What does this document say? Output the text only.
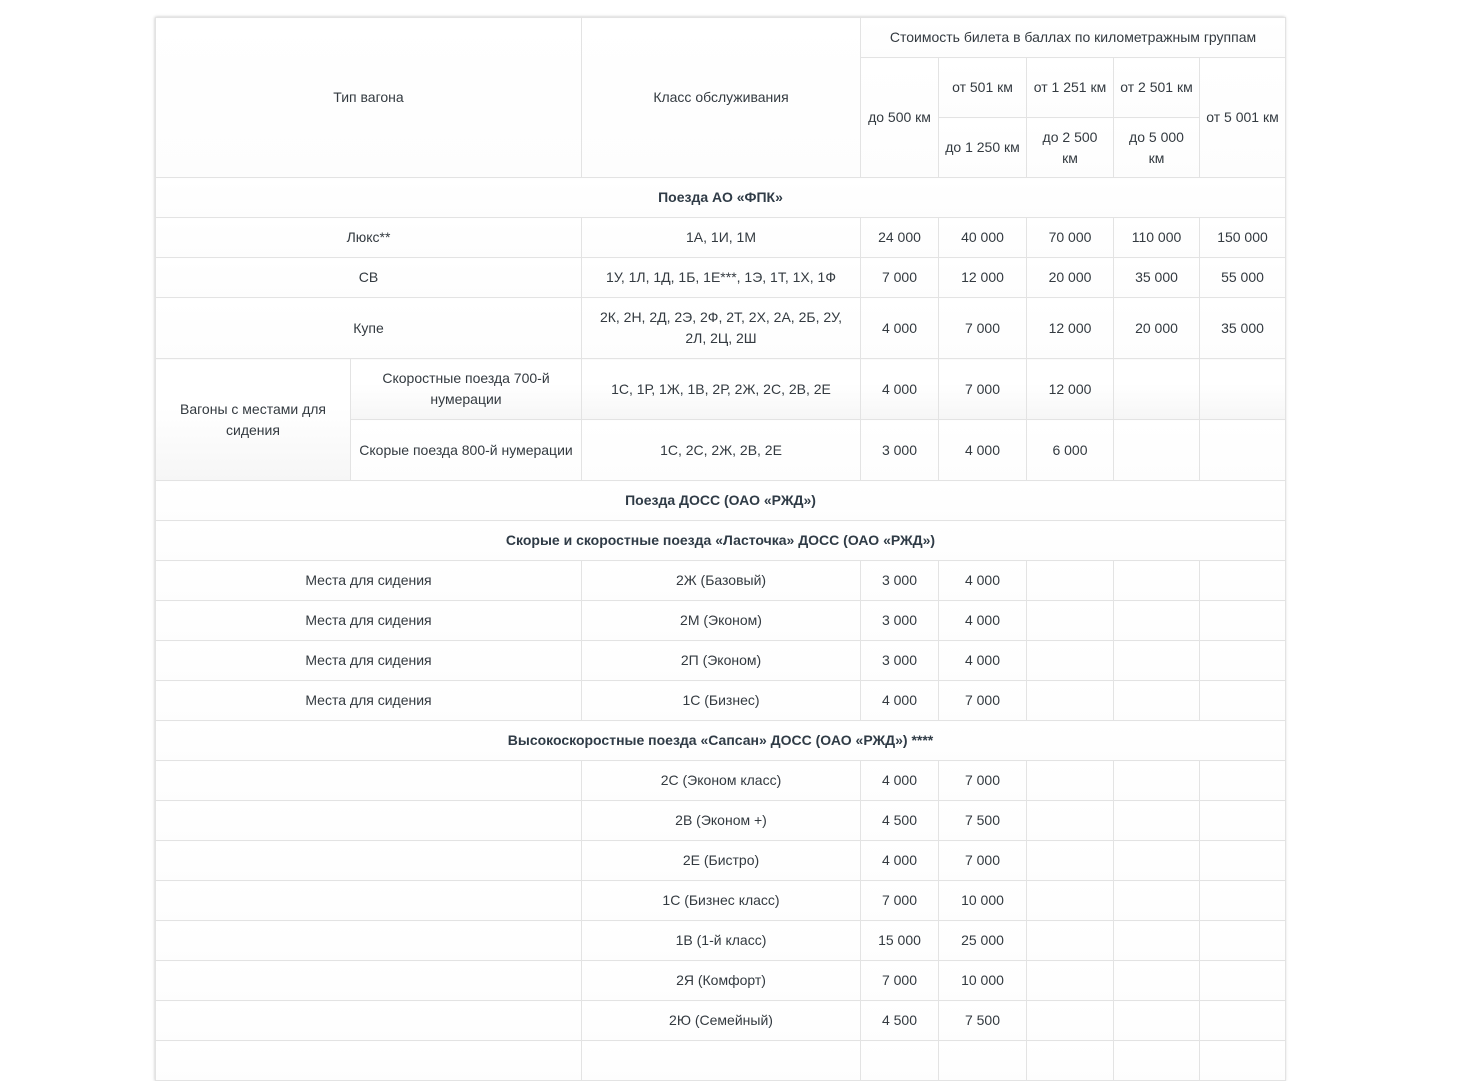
Тип вагона		Класс обслуживания	Стоимость билета в баллах по километражным группам				
			до 500 км	от 501 км	от 1 251 км	от 2 501 км	от 5 001 км
				до 1 250 км	до 2 500 км	до 5 000 км	
Поезда АО «ФПК»							
Люкс**		1А, 1И, 1М	24 000	40 000	70 000	110 000	150 000
СВ		1У, 1Л, 1Д, 1Б, 1Е***, 1Э, 1Т, 1Х, 1Ф	7 000	12 000	20 000	35 000	55 000
Купе		2К, 2Н, 2Д, 2Э, 2Ф, 2Т, 2Х, 2А, 2Б, 2У, 2Л, 2Ц, 2Ш	4 000	7 000	12 000	20 000	35 000
Вагоны с местами для сидения	Скоростные поезда 700-й нумерации	1С, 1Р, 1Ж, 1В, 2Р, 2Ж, 2С, 2В, 2Е	4 000	7 000	12 000		
	Скорые поезда 800-й нумерации	1С, 2С, 2Ж, 2В, 2Е	3 000	4 000	6 000		
Поезда ДОСС (ОАО «РЖД»)							
Скорые и скоростные поезда «Ласточка» ДОСС (ОАО «РЖД»)							
Места для сидения		2Ж (Базовый)	3 000	4 000			
Места для сидения		2М (Эконом)	3 000	4 000			
Места для сидения		2П (Эконом)	3 000	4 000			
Места для сидения		1С (Бизнес)	4 000	7 000			
Высокоскоростные поезда «Сапсан» ДОСС (ОАО «РЖД») ****							
		2С (Эконом класс)	4 000	7 000			
		2В (Эконом +)	4 500	7 500			
		2Е (Бистро)	4 000	7 000			
		1С (Бизнес класс)	7 000	10 000			
		1В (1-й класс)	15 000	25 000			
		2Я (Комфорт)	7 000	10 000			
		2Ю (Семейный)	4 500	7 500			
